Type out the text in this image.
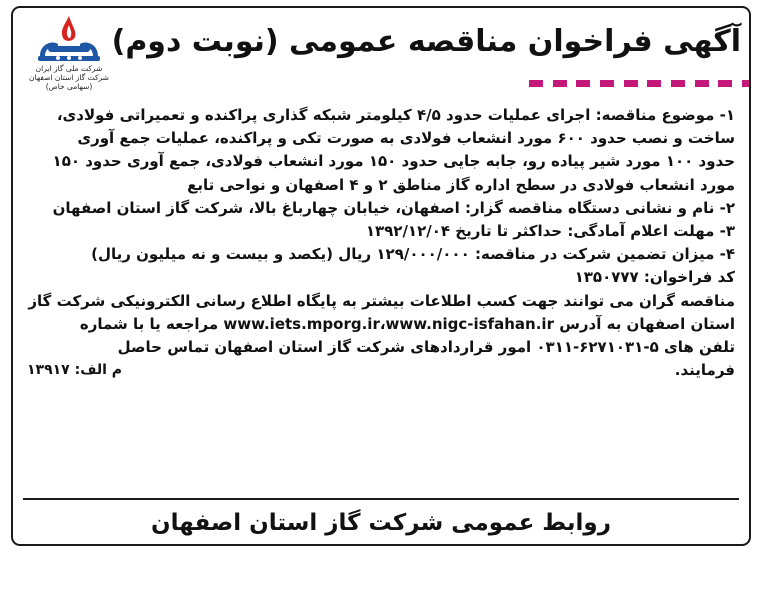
شرکت ملی گاز ایران
شرکت گاز استان اصفهان
(سهامی خاص)
آگهی فراخوان مناقصه عمومی (نوبت دوم)
۱- موضوع مناقصه: اجرای عملیات حدود ۴/۵ کیلومتر شبکه گذاری پراکنده و تعمیراتی فولادی،
ساخت و نصب حدود ۶۰۰ مورد انشعاب فولادی به صورت تکی و پراکنده، عملیات جمع آوری
حدود ۱۰۰ مورد شیر پیاده رو، جابه جایی حدود ۱۵۰ مورد انشعاب فولادی، جمع آوری حدود ۱۵۰
مورد انشعاب فولادی در سطح اداره گاز مناطق ۲ و ۴ اصفهان و نواحی تابع
۲- نام و نشانی دستگاه مناقصه گزار: اصفهان، خیابان چهارباغ بالا، شرکت گاز استان اصفهان
۳- مهلت اعلام آمادگی: حداکثر تا تاریخ ۱۳۹۲/۱۲/۰۴
۴- میزان تضمین شرکت در مناقصه: ۱۲۹/۰۰۰/۰۰۰ ریال (یکصد و بیست و نه میلیون ریال)
کد فراخوان: ۱۳۵۰۷۷۷
مناقصه گران می توانند جهت کسب اطلاعات بیشتر به پایگاه اطلاع رسانی الکترونیکی شرکت گاز
استان اصفهان به آدرس www.iets.mporg.ir،www.nigc-isfahan.ir مراجعه یا با شماره
تلفن های ۵-۶۲۷۱۰۳۱-۰۳۱۱ امور قراردادهای شرکت گاز استان اصفهان تماس حاصل
فرمایند.
م الف: ۱۳۹۱۷
روابط عمومی شرکت گاز استان اصفهان
